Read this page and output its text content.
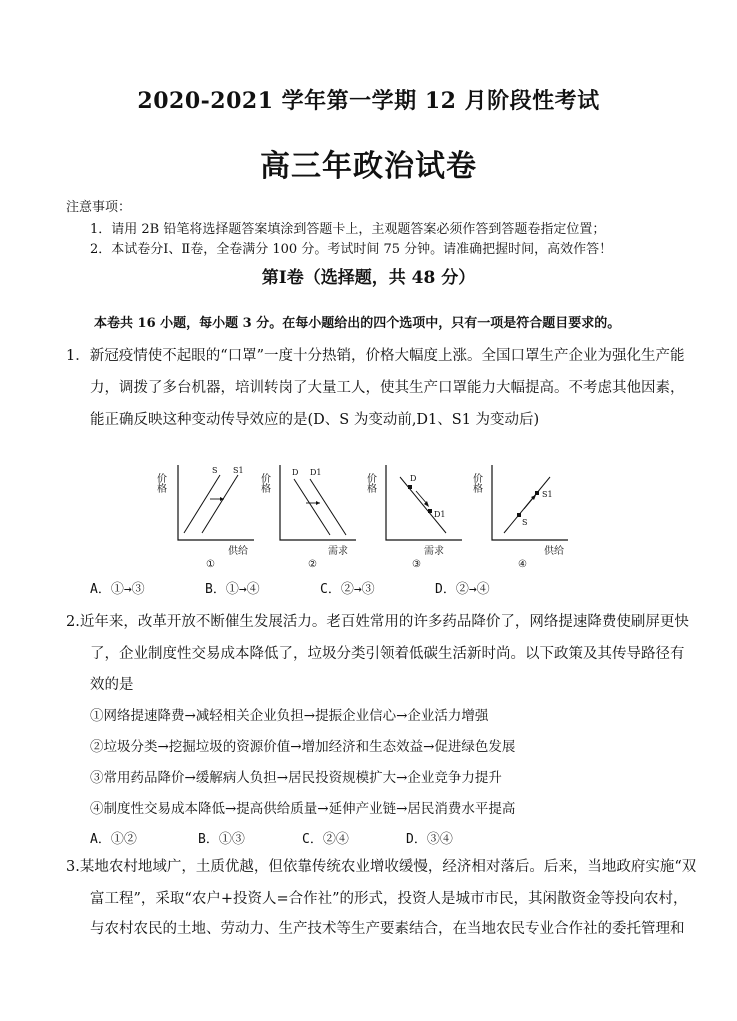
2020-2021 学年第一学期 12 月阶段性考试
高三年政治试卷
注意事项：
1．请用 2B 铅笔将选择题答案填涂到答题卡上，主观题答案必须作答到答题卷指定位置；
2．本试卷分Ⅰ、Ⅱ卷，全卷满分 100 分。考试时间 75 分钟。请准确把握时间，高效作答！
第Ⅰ卷（选择题，共 48 分）
本卷共 16 小题，每小题 3 分。在每小题给出的四个选项中，只有一项是符合题目要求的。
1．新冠疫情使不起眼的“口罩”一度十分热销，价格大幅度上涨。全国口罩生产企业为强化生产能
力，调拨了多台机器，培训转岗了大量工人，使其生产口罩能力大幅提高。不考虑其他因素，
能正确反映这种变动传导效应的是(D、S 为变动前,D1、S1 为变动后)
价格
S S1
供给
①
价格
D D1
需求
②
价格	D
D1
需求
③
价格
S
S1
供给
④
A．①→③	B．①→④	C．②→③	D．②→④
2.近年来，改革开放不断催生发展活力。老百姓常用的许多药品降价了，网络提速降费使刷屏更快
了，企业制度性交易成本降低了，垃圾分类引领着低碳生活新时尚。以下政策及其传导路径有
效的是
①网络提速降费→减轻相关企业负担→提振企业信心→企业活力增强
②垃圾分类→挖掘垃圾的资源价值→增加经济和生态效益→促进绿色发展
③常用药品降价→缓解病人负担→居民投资规模扩大→企业竞争力提升
④制度性交易成本降低→提高供给质量→延伸产业链→居民消费水平提高
A．①②	B．①③	C．②④	D．③④
3.某地农村地域广，土质优越，但依靠传统农业增收缓慢，经济相对落后。后来，当地政府实施“双
富工程”，采取“农户+投资人=合作社”的形式，投资人是城市市民，其闲散资金等投向农村，
与农村农民的土地、劳动力、生产技术等生产要素结合，在当地农民专业合作社的委托管理和
